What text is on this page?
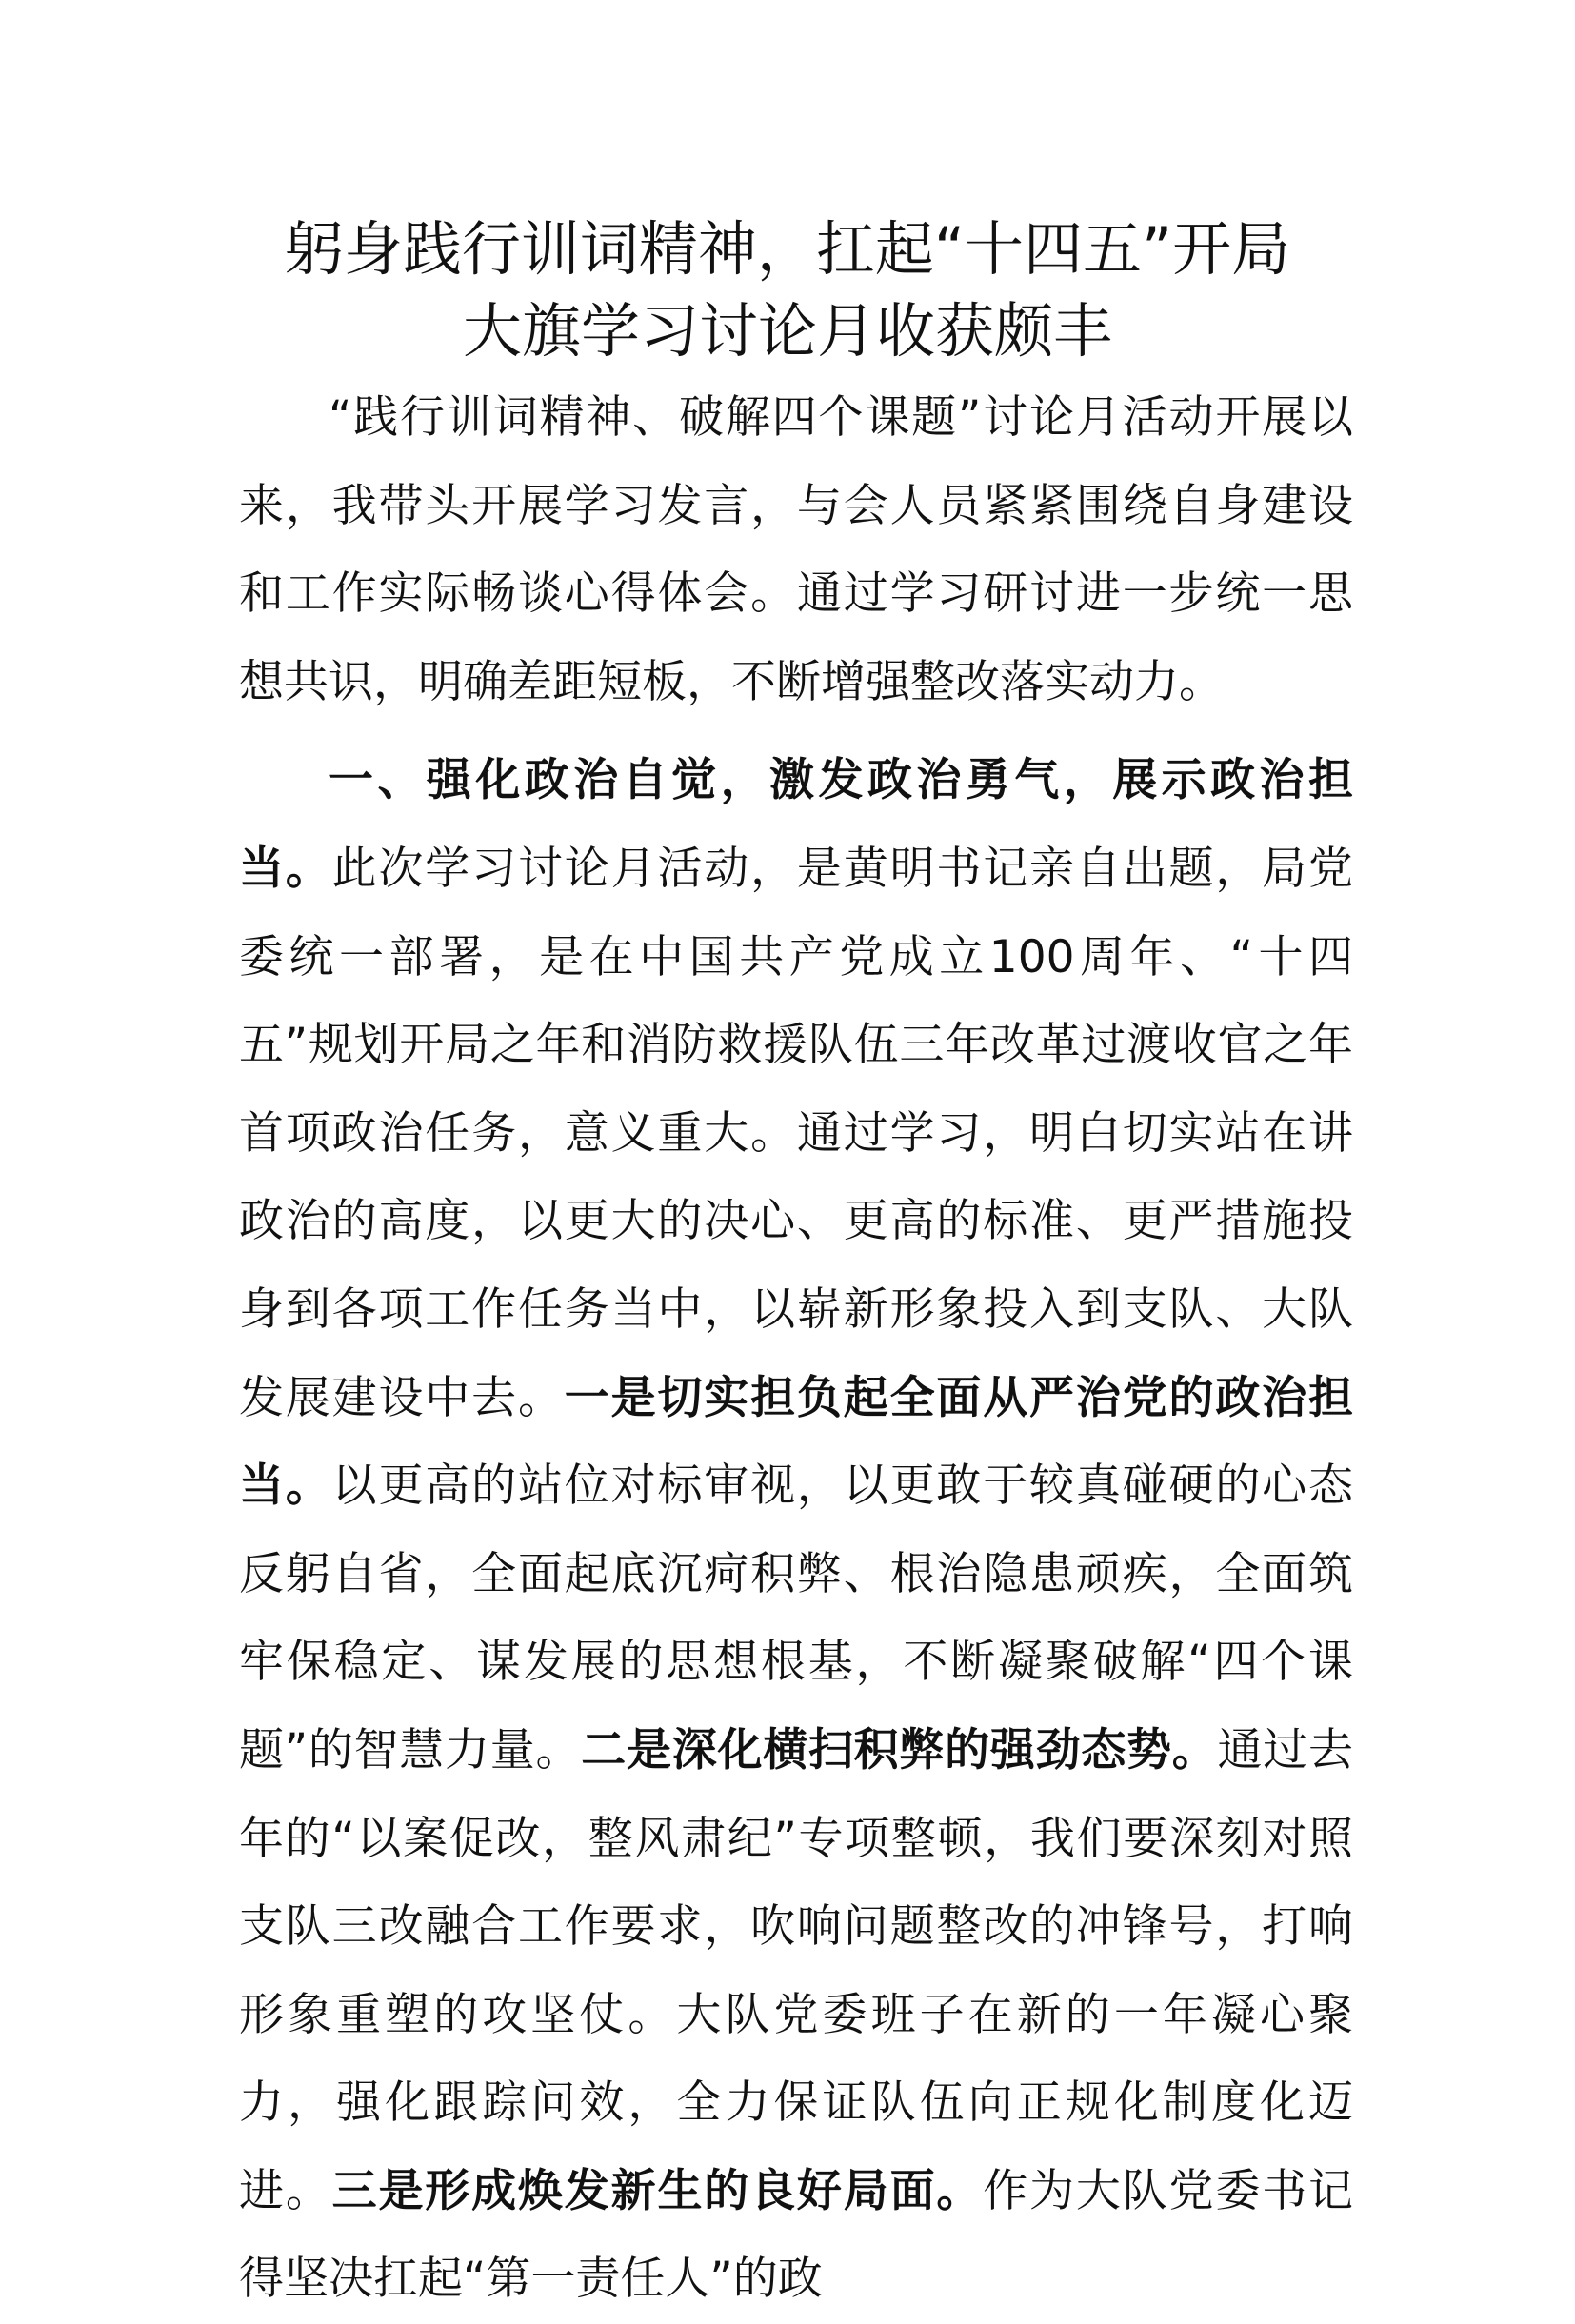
躬身践行训词精神，扛起“十四五”开局
大旗学习讨论月收获颇丰

“践行训词精神、破解四个课题”讨论月活动开展以来，我带头开展学习发言，与会人员紧紧围绕自身建设和工作实际畅谈心得体会。通过学习研讨进一步统一思想共识，明确差距短板，不断增强整改落实动力。

一、强化政治自觉，激发政治勇气，展示政治担当。此次学习讨论月活动，是黄明书记亲自出题，局党委统一部署，是在中国共产党成立100周年、“十四五”规划开局之年和消防救援队伍三年改革过渡收官之年首项政治任务，意义重大。通过学习，明白切实站在讲政治的高度，以更大的决心、更高的标准、更严措施投身到各项工作任务当中，以崭新形象投入到支队、大队发展建设中去。一是切实担负起全面从严治党的政治担当。以更高的站位对标审视，以更敢于较真碰硬的心态反躬自省，全面起底沉疴积弊、根治隐患顽疾，全面筑牢保稳定、谋发展的思想根基，不断凝聚破解“四个课题”的智慧力量。二是深化横扫积弊的强劲态势。通过去年的“以案促改，整风肃纪”专项整顿，我们要深刻对照支队三改融合工作要求，吹响问题整改的冲锋号，打响形象重塑的攻坚仗。大队党委班子在新的一年凝心聚力，强化跟踪问效，全力保证队伍向正规化制度化迈进。三是形成焕发新生的良好局面。作为大队党委书记得坚决扛起“第一责任人”的政
